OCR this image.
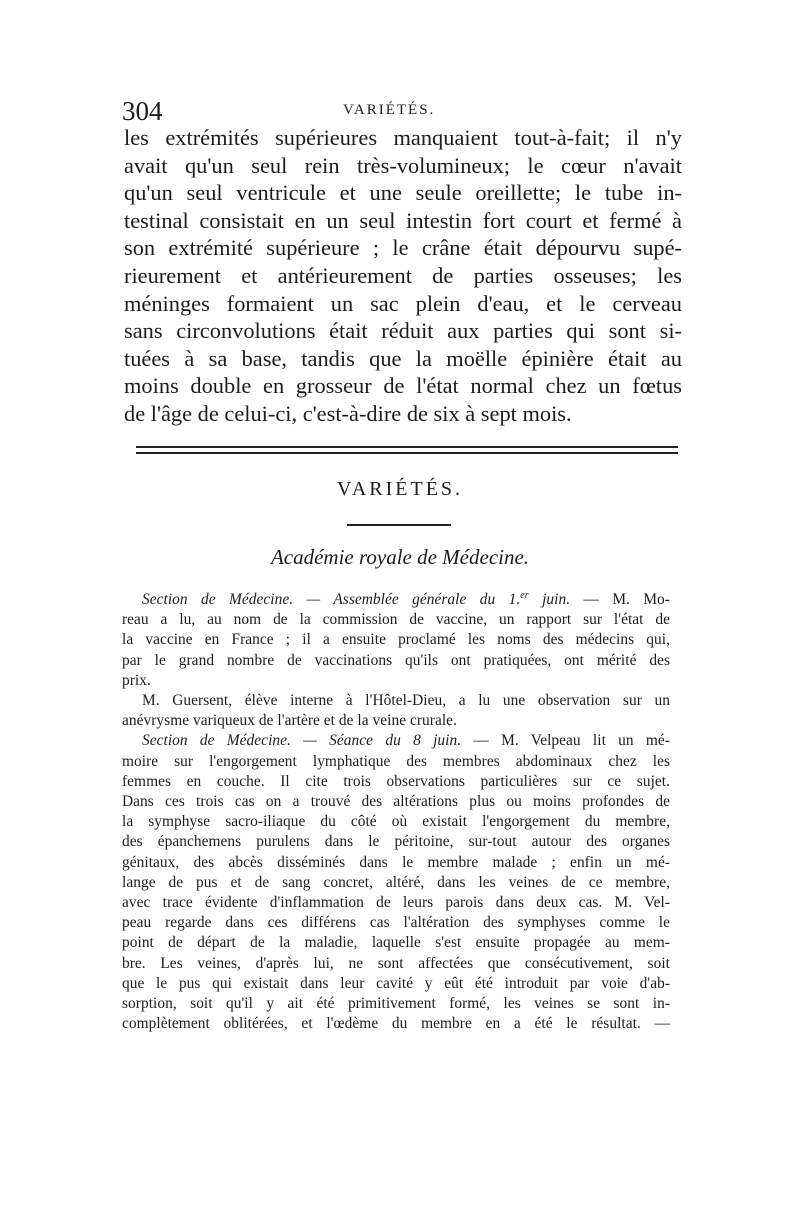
304	VARIÉTÉS.
les extrémités supérieures manquaient tout-à-fait; il n'y
avait qu'un seul rein très-volumineux; le cœur n'avait
qu'un seul ventricule et une seule oreillette; le tube in-
testinal consistait en un seul intestin fort court et fermé à
son extrémité supérieure ; le crâne était dépourvu supé-
rieurement et antérieurement de parties osseuses; les
méninges formaient un sac plein d'eau, et le cerveau
sans circonvolutions était réduit aux parties qui sont si-
tuées à sa base, tandis que la moëlle épinière était au
moins double en grosseur de l'état normal chez un fœtus
de l'âge de celui-ci, c'est-à-dire de six à sept mois.
VARIÉTÉS.
Académie royale de Médecine.
Section de Médecine. — Assemblée générale du 1.$^{er}$ juin. — M. Mo-
reau a lu, au nom de la commission de vaccine, un rapport sur l'état de
la vaccine en France ; il a ensuite proclamé les noms des médecins qui,
par le grand nombre de vaccinations qu'ils ont pratiquées, ont mérité des
prix.
M. Guersent, élève interne à l'Hôtel-Dieu, a lu une observation sur un
anévrysme variqueux de l'artère et de la veine crurale.
Section de Médecine. — Séance du 8 juin. — M. Velpeau lit un mé-
moire sur l'engorgement lymphatique des membres abdominaux chez les
femmes en couche. Il cite trois observations particulières sur ce sujet.
Dans ces trois cas on a trouvé des altérations plus ou moins profondes de
la symphyse sacro-iliaque du côté où existait l'engorgement du membre,
des épanchemens purulens dans le péritoine, sur-tout autour des organes
génitaux, des abcès disséminés dans le membre malade ; enfin un mé-
lange de pus et de sang concret, altéré, dans les veines de ce membre,
avec trace évidente d'inflammation de leurs parois dans deux cas. M. Vel-
peau regarde dans ces différens cas l'altération des symphyses comme le
point de départ de la maladie, laquelle s'est ensuite propagée au mem-
bre. Les veines, d'après lui, ne sont affectées que consécutivement, soit
que le pus qui existait dans leur cavité y eût été introduit par voie d'ab-
sorption, soit qu'il y ait été primitivement formé, les veines se sont in-
complètement oblitérées, et l'œdème du membre en a été le résultat. —
